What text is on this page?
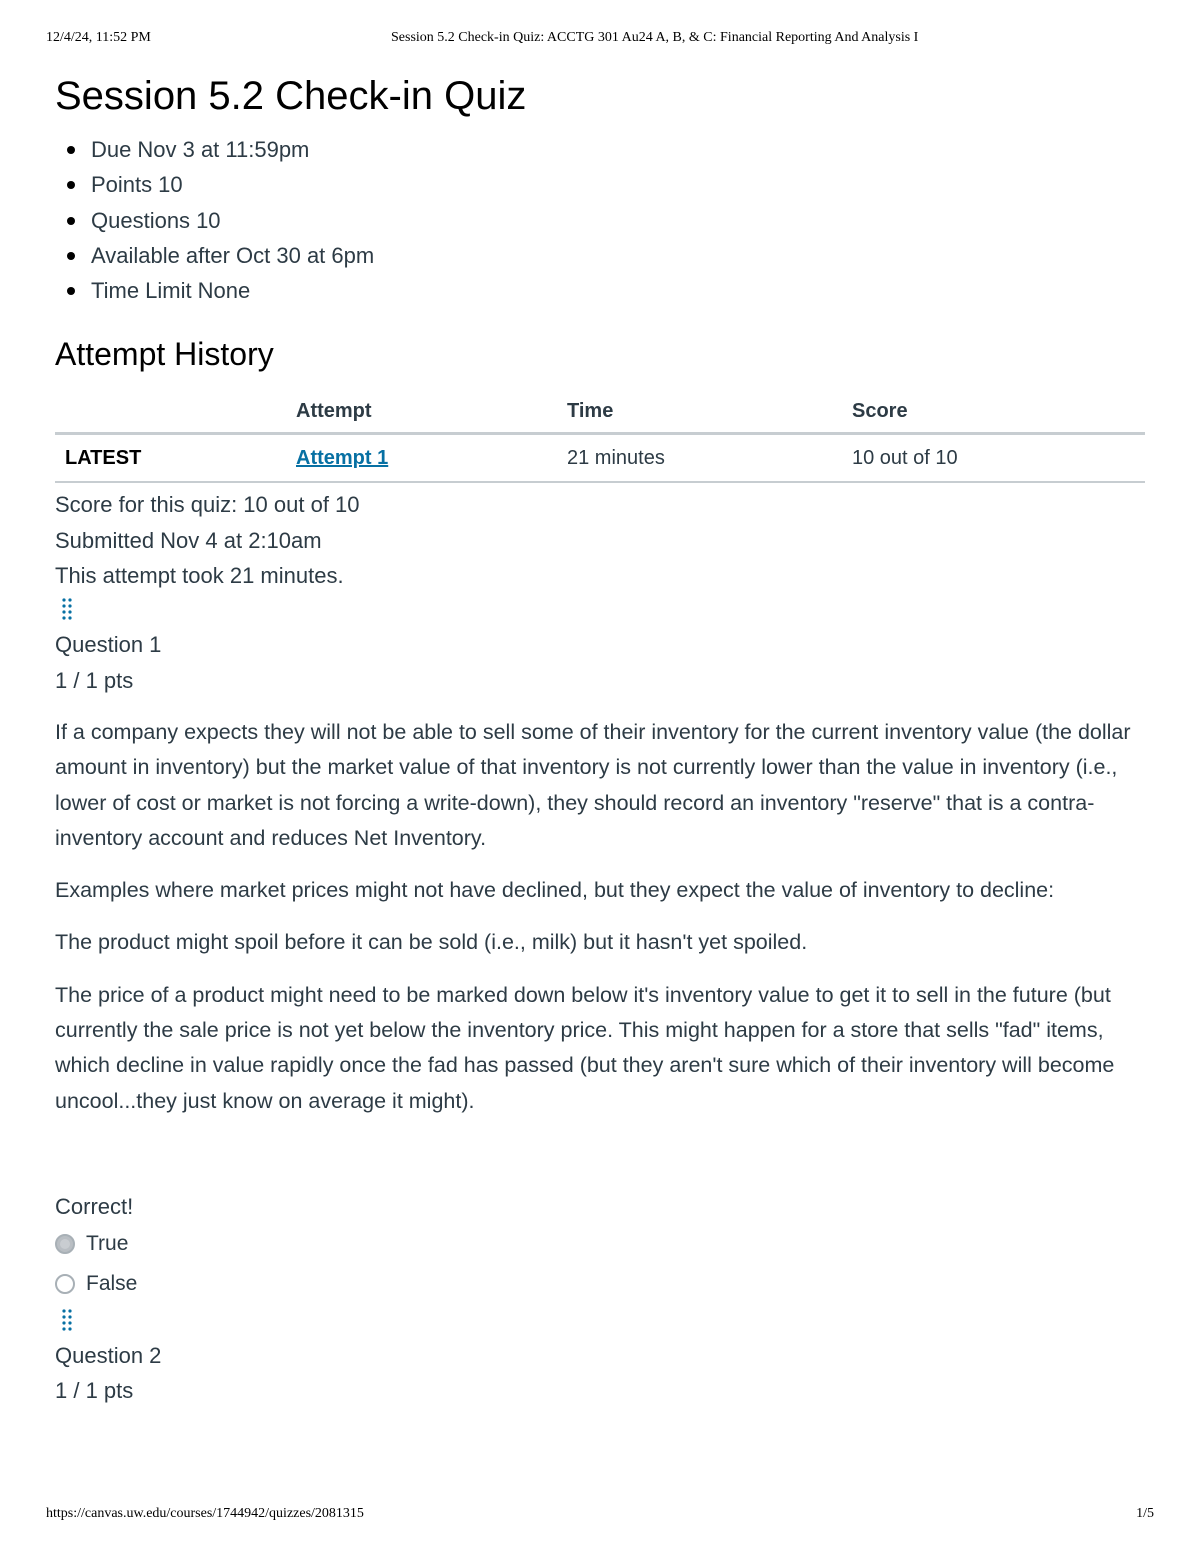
12/4/24, 11:52 PM	Session 5.2 Check-in Quiz: ACCTG 301 Au24 A, B, & C: Financial Reporting And Analysis I
Session 5.2 Check-in Quiz
Due Nov 3 at 11:59pm
Points 10
Questions 10
Available after Oct 30 at 6pm
Time Limit None
Attempt History
	Attempt	Time	Score
LATEST	Attempt 1	21 minutes	10 out of 10
Score for this quiz: 10 out of 10
Submitted Nov 4 at 2:10am
This attempt took 21 minutes.
Question 1
1 / 1 pts

If a company expects they will not be able to sell some of their inventory for the current inventory value (the dollar amount in inventory) but the market value of that inventory is not currently lower than the value in inventory (i.e., lower of cost or market is not forcing a write-down), they should record an inventory "reserve" that is a contra-inventory account and reduces Net Inventory.

Examples where market prices might not have declined, but they expect the value of inventory to decline:

The product might spoil before it can be sold (i.e., milk) but it hasn't yet spoiled.

The price of a product might need to be marked down below it's inventory value to get it to sell in the future (but currently the sale price is not yet below the inventory price. This might happen for a store that sells "fad" items, which decline in value rapidly once the fad has passed (but they aren't sure which of their inventory will become uncool...they just know on average it might).

Correct!
True
False
Question 2
1 / 1 pts
https://canvas.uw.edu/courses/1744942/quizzes/2081315	1/5
